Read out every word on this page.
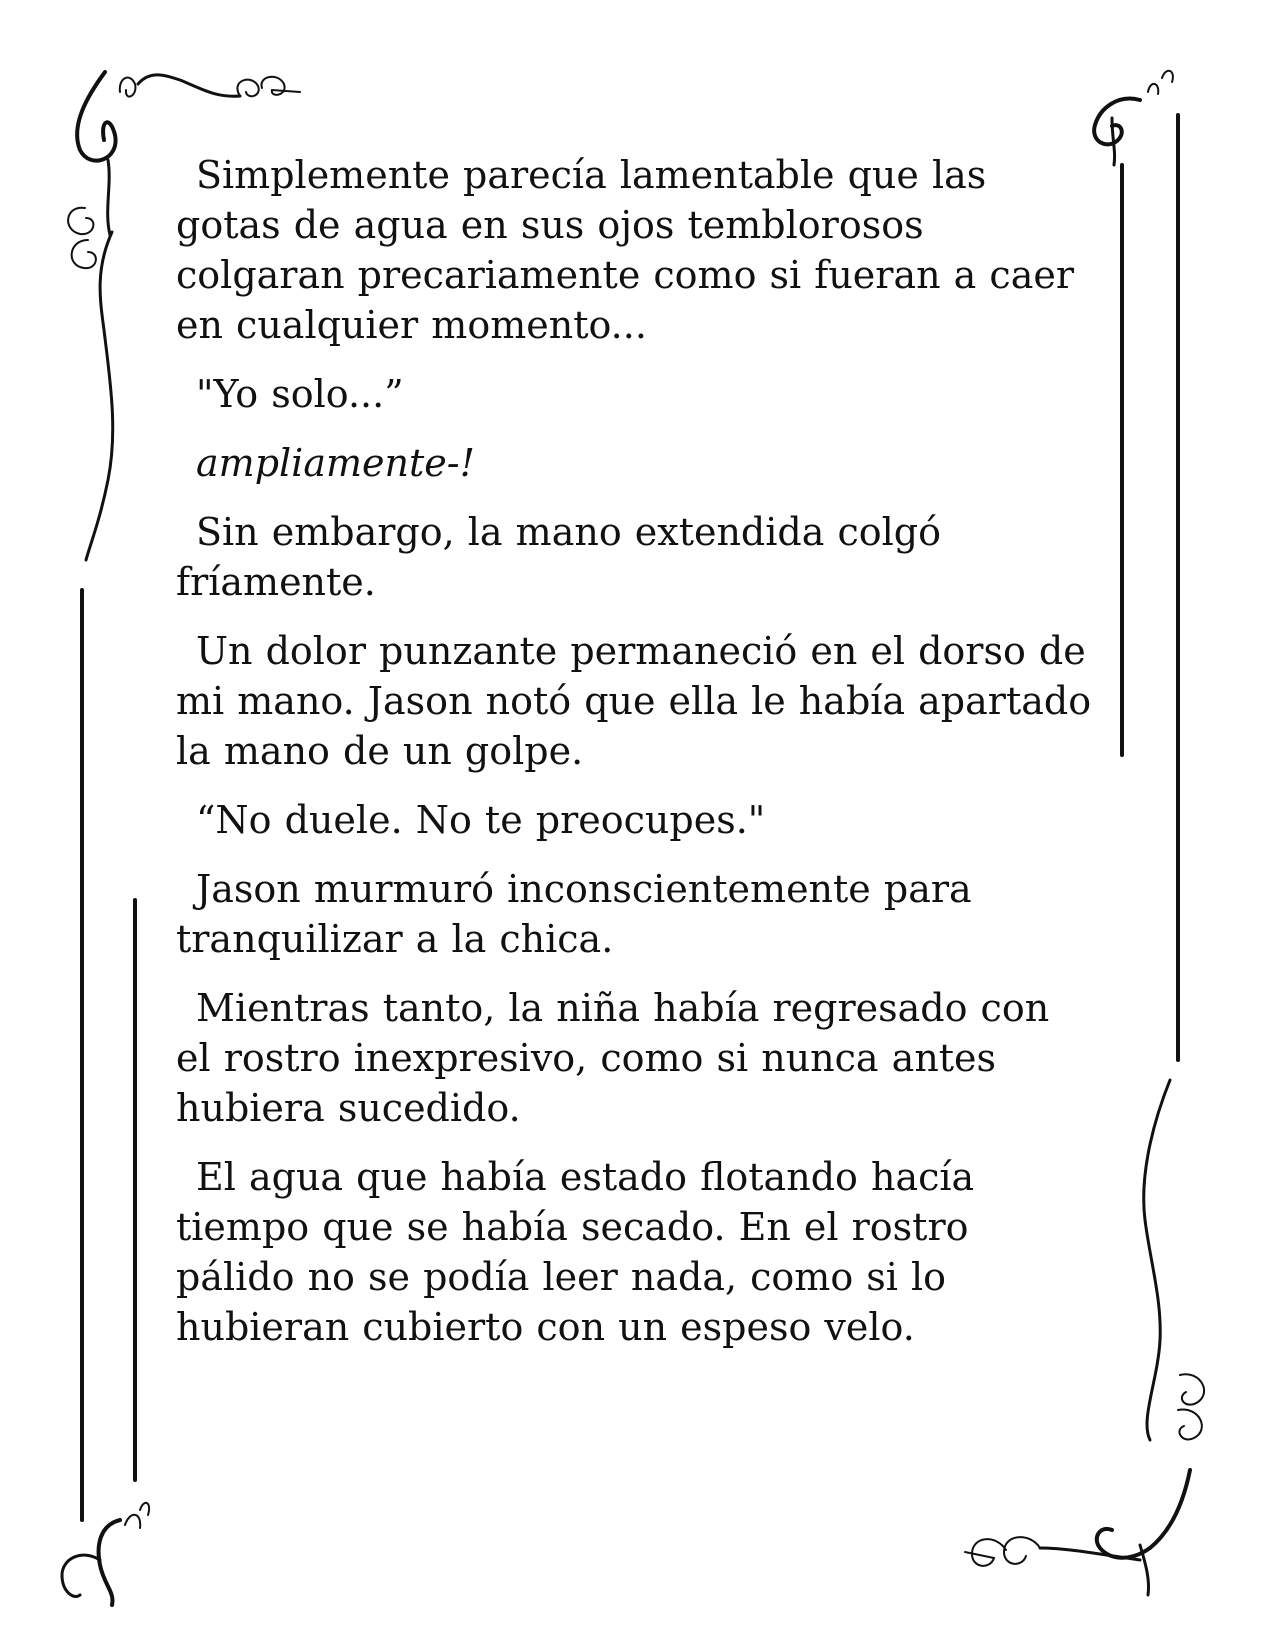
Simplemente parecía lamentable que las gotas de agua en sus ojos temblorosos colgaran precariamente como si fueran a caer en cualquier momento...

"Yo solo...”

ampliamente-!

Sin embargo, la mano extendida colgó fríamente.

Un dolor punzante permaneció en el dorso de mi mano. Jason notó que ella le había apartado la mano de un golpe.

“No duele. No te preocupes."

Jason murmuró inconscientemente para tranquilizar a la chica.

Mientras tanto, la niña había regresado con el rostro inexpresivo, como si nunca antes hubiera sucedido.

El agua que había estado flotando hacía tiempo que se había secado. En el rostro pálido no se podía leer nada, como si lo hubieran cubierto con un espeso velo.
